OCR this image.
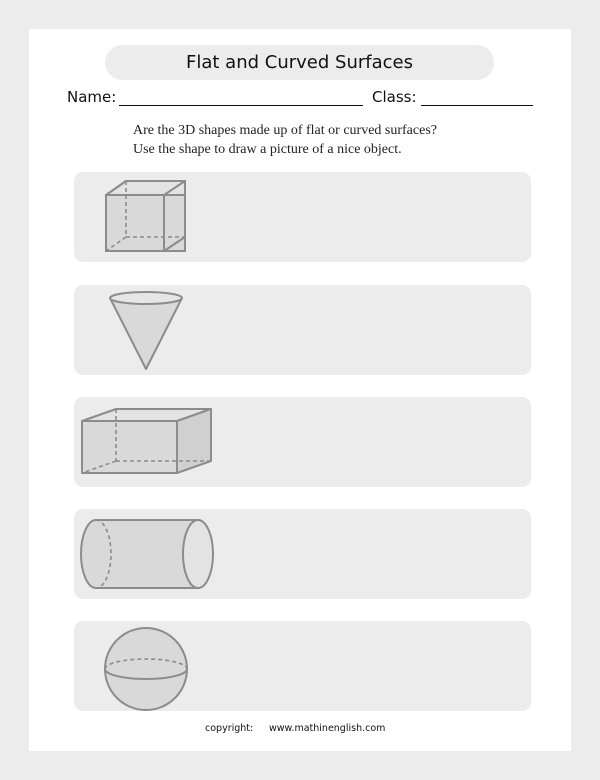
Flat and Curved Surfaces
Name:	Class:
Are the 3D shapes made up of flat or curved surfaces?
Use the shape to draw a picture of a nice object.
copyright: www.mathinenglish.com
